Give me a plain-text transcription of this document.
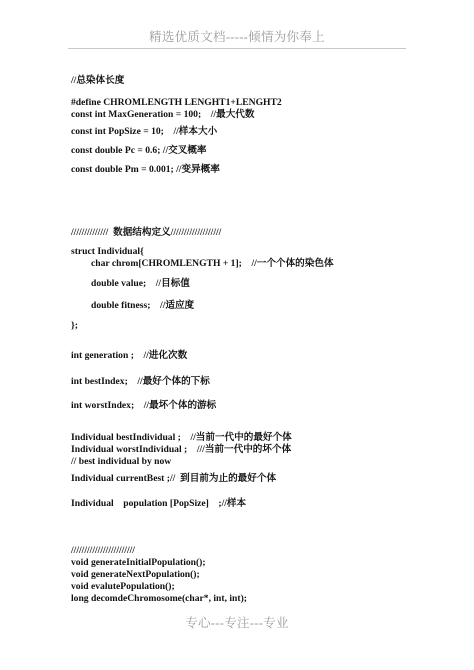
精选优质文档-----倾情为你奉上
//总染体长度
#define CHROMLENGTH LENGHT1+LENGHT2
const int MaxGeneration = 100;    //最大代数
const int PopSize = 10;    //样本大小
const double Pc = 0.6; //交叉概率
const double Pm = 0.001; //变异概率
//////////////  数据结构定义///////////////////
struct Individual{
char chrom[CHROMLENGTH + 1];    //一个个体的染色体
double value;    //目标值
double fitness;    //适应度
};
int generation ;    //进化次数
int bestIndex;    //最好个体的下标
int worstIndex;    //最坏个体的游标
Individual bestIndividual ;    //当前一代中的最好个体
Individual worstIndividual ;    ///当前一代中的坏个体
// best individual by now
Individual currentBest ;//  到目前为止的最好个体
Individual    population [PopSize]    ;//样本
////////////////////////
void generateInitialPopulation();
void generateNextPopulation();
void evalutePopulation();
long decomdeChromosome(char*, int, int);
专心---专注---专业
